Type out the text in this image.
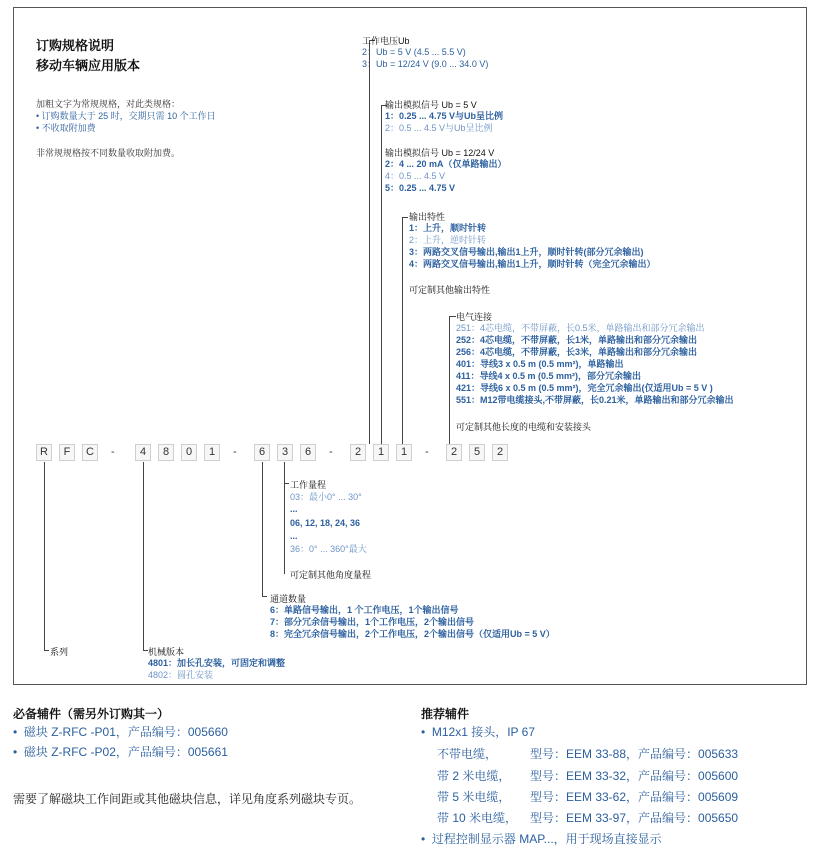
订购规格说明
移动车辆应用版本
加粗文字为常规规格，对此类规格：
• 订购数量大于 25 时，交期只需 10 个工作日
• 不收取附加费
非常规规格按不同数量收取附加费。
工作电压Ub
2：Ub = 5 V (4.5 ... 5.5 V)
3：Ub = 12/24 V (9.0 ... 34.0 V)
输出模拟信号 Ub = 5 V
1：0.25 ... 4.75 V与Ub呈比例
2：0.5 ... 4.5 V与Ub呈比例
输出模拟信号 Ub = 12/24 V
2：4 ... 20 mA（仅单路输出）
4：0.5 ... 4.5 V
5：0.25 ... 4.75 V
输出特性
1：上升，顺时针转
2：上升，逆时针转
3：两路交叉信号输出,输出1上升，顺时针转(部分冗余输出)
4：两路交叉信号输出,输出1上升，顺时针转（完全冗余输出）
可定制其他输出特性
电气连接
251：4芯电缆，不带屏蔽，长0.5米，单路输出和部分冗余输出
252：4芯电缆，不带屏蔽，长1米，单路输出和部分冗余输出
256：4芯电缆，不带屏蔽，长3米，单路输出和部分冗余输出
401：导线3 x 0.5 m (0.5 mm²)，单路输出
411：导线4 x 0.5 m (0.5 mm²)，部分冗余输出
421：导线6 x 0.5 m (0.5 mm²)，完全冗余输出(仅适用Ub = 5 V )
551：M12带电缆接头,不带屏蔽，长0.21米，单路输出和部分冗余输出
可定制其他长度的电缆和安装接头
R	F	C	-	4	8	0	1	-	6	3	6	-	2	1	1	-	2	5	2
工作量程
03：最小0° ... 30°
...
06, 12, 18, 24, 36
...
36：0° ... 360°最大
可定制其他角度量程
通道数量
6：单路信号输出，1 个工作电压，1个输出信号
7：部分冗余信号输出，1个工作电压，2个输出信号
8：完全冗余信号输出，2个工作电压，2个输出信号（仅适用Ub = 5 V）
系列	机械版本
4801：加长孔安装，可固定和调整
4802：圆孔安装
必备辅件（需另外订购其一）
• 磁块 Z-RFC -P01，产品编号：005660
• 磁块 Z-RFC -P02，产品编号：005661
需要了解磁块工作间距或其他磁块信息，详见角度系列磁块专页。
推荐辅件
• M12x1 接头，IP 67
不带电缆，	型号：EEM 33-88，产品编号：005633
带 2 米电缆， 型号：EEM 33-32，产品编号：005600
带 5 米电缆， 型号：EEM 33-62，产品编号：005609
带 10 米电缆， 型号：EEM 33-97，产品编号：005650
• 过程控制显示器 MAP...，用于现场直接显示
